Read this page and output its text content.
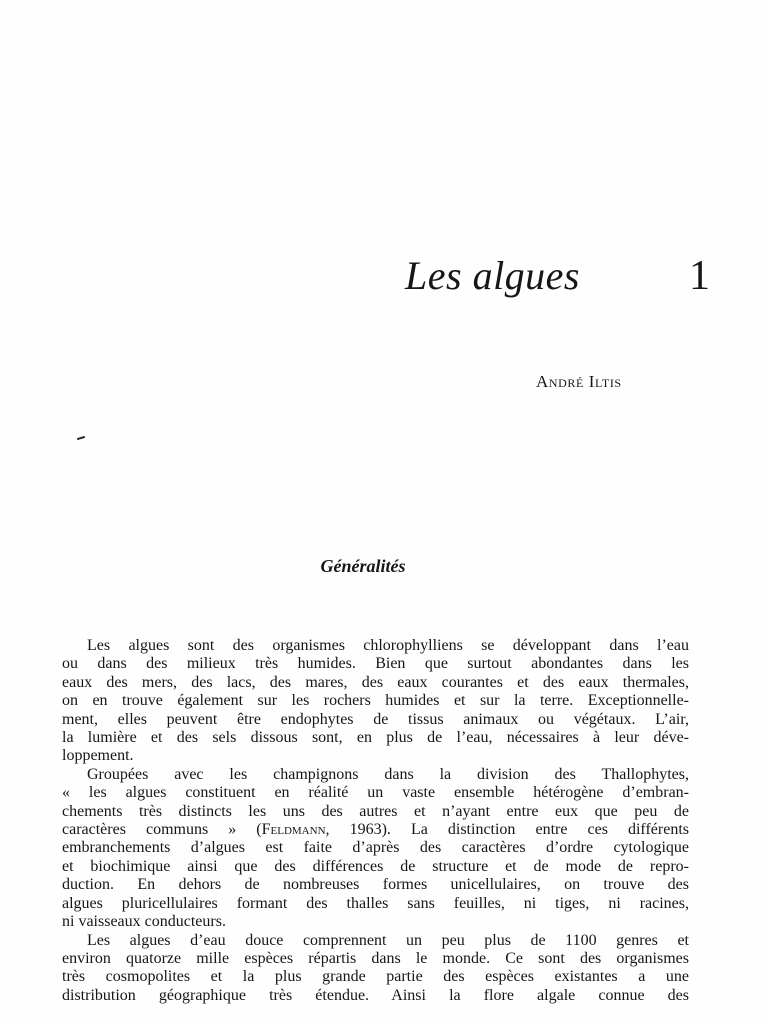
Les algues	1
André Iltis
Généralités
Les algues sont des organismes chlorophylliens se développant dans l’eau
ou dans des milieux très humides. Bien que surtout abondantes dans les
eaux des mers, des lacs, des mares, des eaux courantes et des eaux thermales,
on en trouve également sur les rochers humides et sur la terre. Exceptionnelle-
ment, elles peuvent être endophytes de tissus animaux ou végétaux. L’air,
la lumière et des sels dissous sont, en plus de l’eau, nécessaires à leur déve-
loppement.
Groupées avec les champignons dans la division des Thallophytes,
« les algues constituent en réalité un vaste ensemble hétérogène d’embran-
chements très distincts les uns des autres et n’ayant entre eux que peu de
caractères communs » (Feldmann, 1963). La distinction entre ces différents
embranchements d’algues est faite d’après des caractères d’ordre cytologique
et biochimique ainsi que des différences de structure et de mode de repro-
duction. En dehors de nombreuses formes unicellulaires, on trouve des
algues pluricellulaires formant des thalles sans feuilles, ni tiges, ni racines,
ni vaisseaux conducteurs.
Les algues d’eau douce comprennent un peu plus de 1100 genres et
environ quatorze mille espèces répartis dans le monde. Ce sont des organismes
très cosmopolites et la plus grande partie des espèces existantes a une
distribution géographique très étendue. Ainsi la flore algale connue des
